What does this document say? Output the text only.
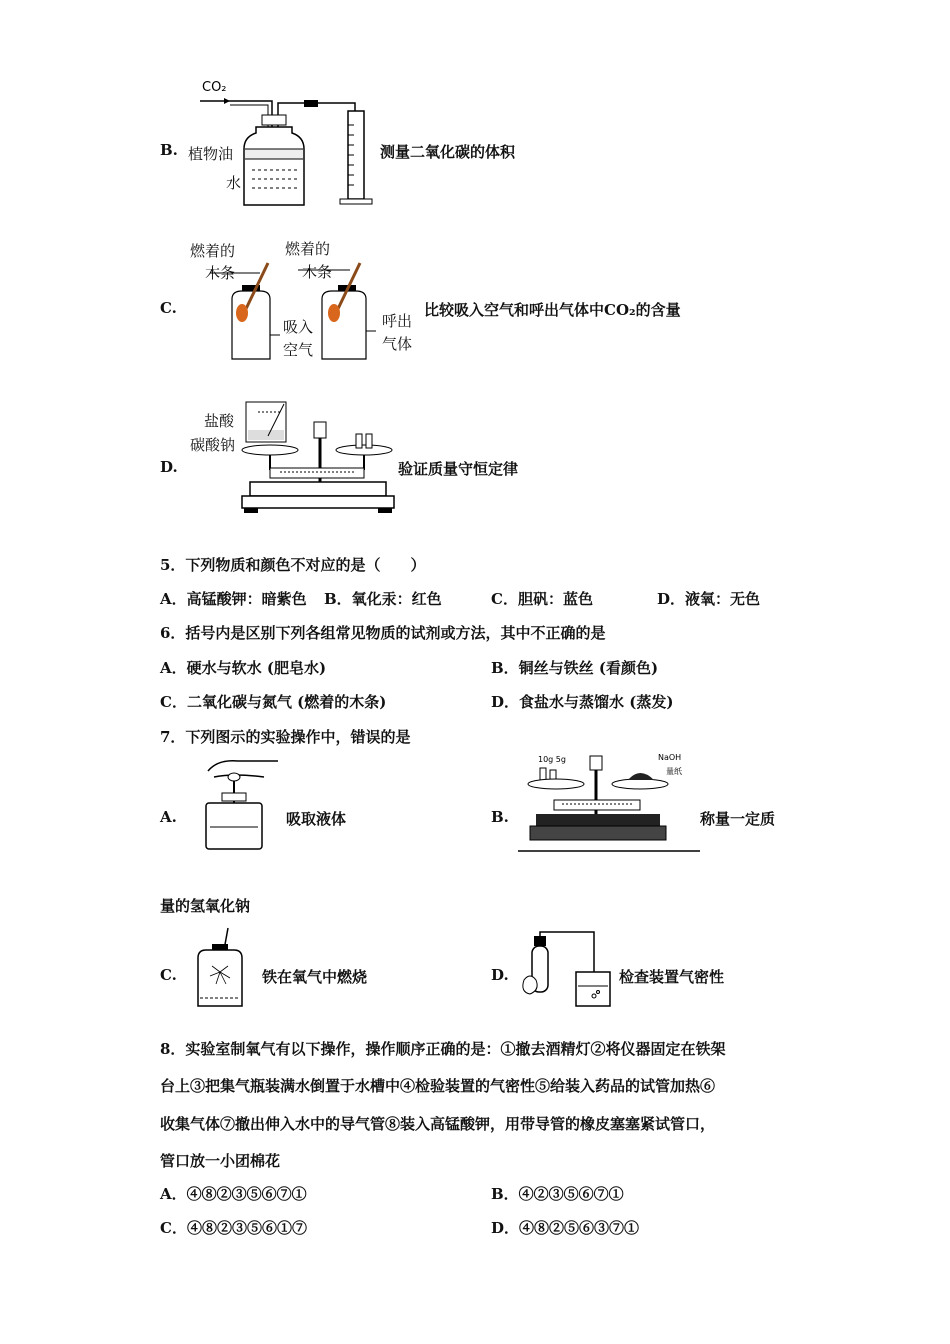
B.
CO₂
植物油
水
测量二氧化碳的体积
C.
燃着的
木条
燃着的
木条
吸入
空气
呼出
气体
比较吸入空气和呼出气体中CO₂的含量
D.
盐酸
碳酸钠
验证质量守恒定律
5．下列物质和颜色不对应的是（　　）
A．高锰酸钾：暗紫色 B．氧化汞：红色	C．胆矾：蓝色	D．液氧：无色
6．括号内是区别下列各组常见物质的试剂或方法，其中不正确的是
A．硬水与软水 (肥皂水)	B．铜丝与铁丝 (看颜色)
C．二氧化碳与氮气 (燃着的木条)	D．食盐水与蒸馏水 (蒸发)
7．下列图示的实验操作中，错误的是
A.	吸取液体	B.
10g 5g	NaOH
量纸
称量一定质
量的氢氧化钠
C.	铁在氧气中燃烧	D.	检查装置气密性
8．实验室制氧气有以下操作，操作顺序正确的是：①撤去酒精灯②将仪器固定在铁架
台上③把集气瓶装满水倒置于水槽中④检验装置的气密性⑤给装入药品的试管加热⑥
收集气体⑦撤出伸入水中的导气管⑧装入高锰酸钾，用带导管的橡皮塞塞紧试管口，
管口放一小团棉花
A．④⑧②③⑤⑥⑦①	B．④②③⑤⑥⑦①
C．④⑧②③⑤⑥①⑦	D．④⑧②⑤⑥③⑦①
